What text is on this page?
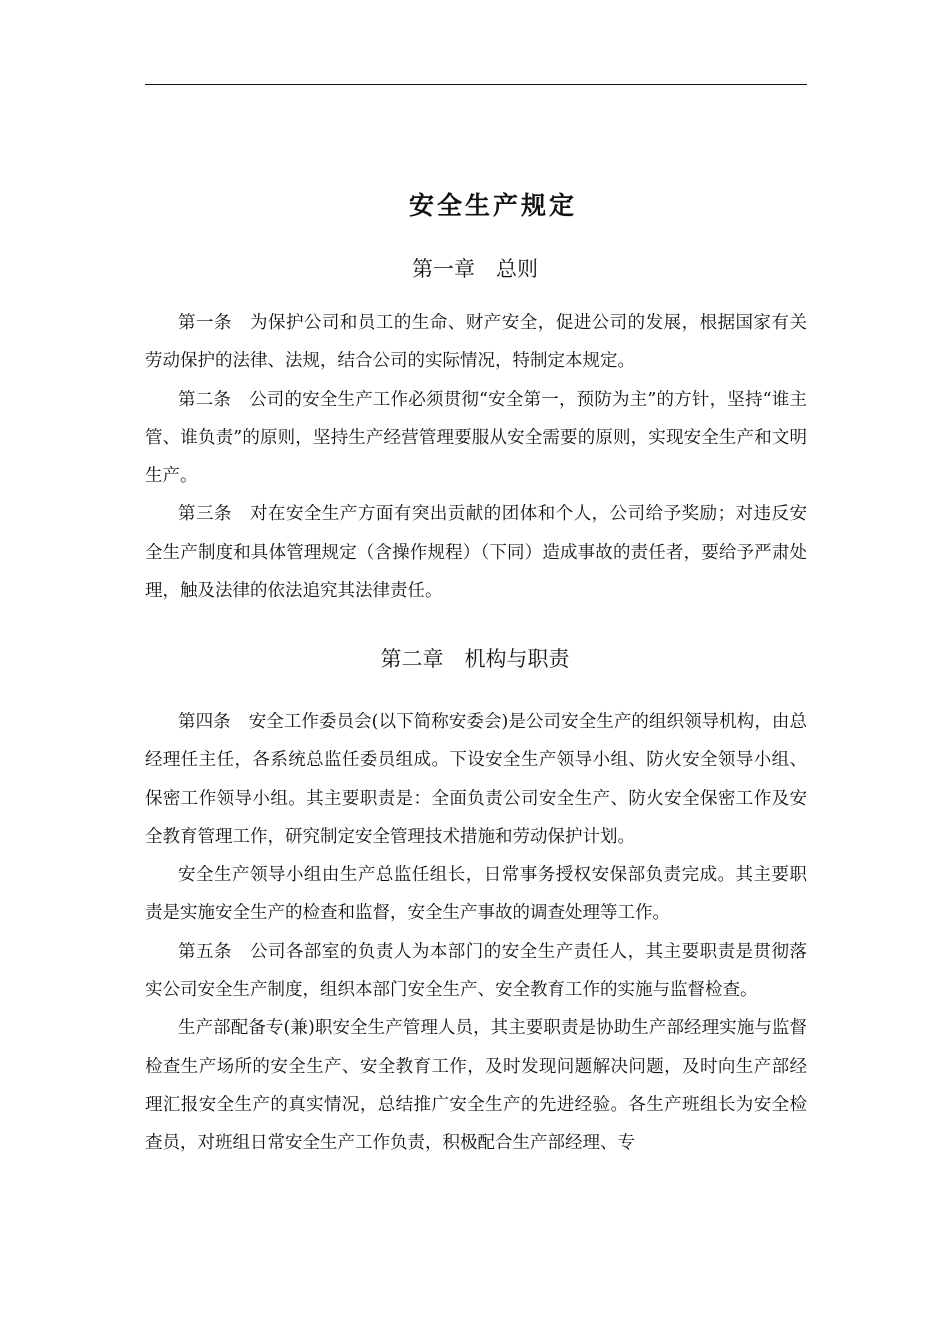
安全生产规定
第一章　总则

第一条 为保护公司和员工的生命、财产安全，促进公司的发展，根据国家有关劳动保护的法律、法规，结合公司的实际情况，特制定本规定。

第二条 公司的安全生产工作必须贯彻“安全第一，预防为主”的方针，坚持“谁主管、谁负责”的原则，坚持生产经营管理要服从安全需要的原则，实现安全生产和文明生产。

第三条 对在安全生产方面有突出贡献的团体和个人，公司给予奖励；对违反安全生产制度和具体管理规定（含操作规程）（下同）造成事故的责任者，要给予严肃处理，触及法律的依法追究其法律责任。

第二章　机构与职责

第四条 安全工作委员会(以下简称安委会)是公司安全生产的组织领导机构，由总经理任主任，各系统总监任委员组成。下设安全生产领导小组、防火安全领导小组、保密工作领导小组。其主要职责是：全面负责公司安全生产、防火安全保密工作及安全教育管理工作，研究制定安全管理技术措施和劳动保护计划。

安全生产领导小组由生产总监任组长，日常事务授权安保部负责完成。其主要职责是实施安全生产的检查和监督，安全生产事故的调查处理等工作。

第五条 公司各部室的负责人为本部门的安全生产责任人，其主要职责是贯彻落实公司安全生产制度，组织本部门安全生产、安全教育工作的实施与监督检查。

生产部配备专(兼)职安全生产管理人员，其主要职责是协助生产部经理实施与监督检查生产场所的安全生产、安全教育工作，及时发现问题解决问题，及时向生产部经理汇报安全生产的真实情况，总结推广安全生产的先进经验。各生产班组长为安全检查员，对班组日常安全生产工作负责，积极配合生产部经理、专
